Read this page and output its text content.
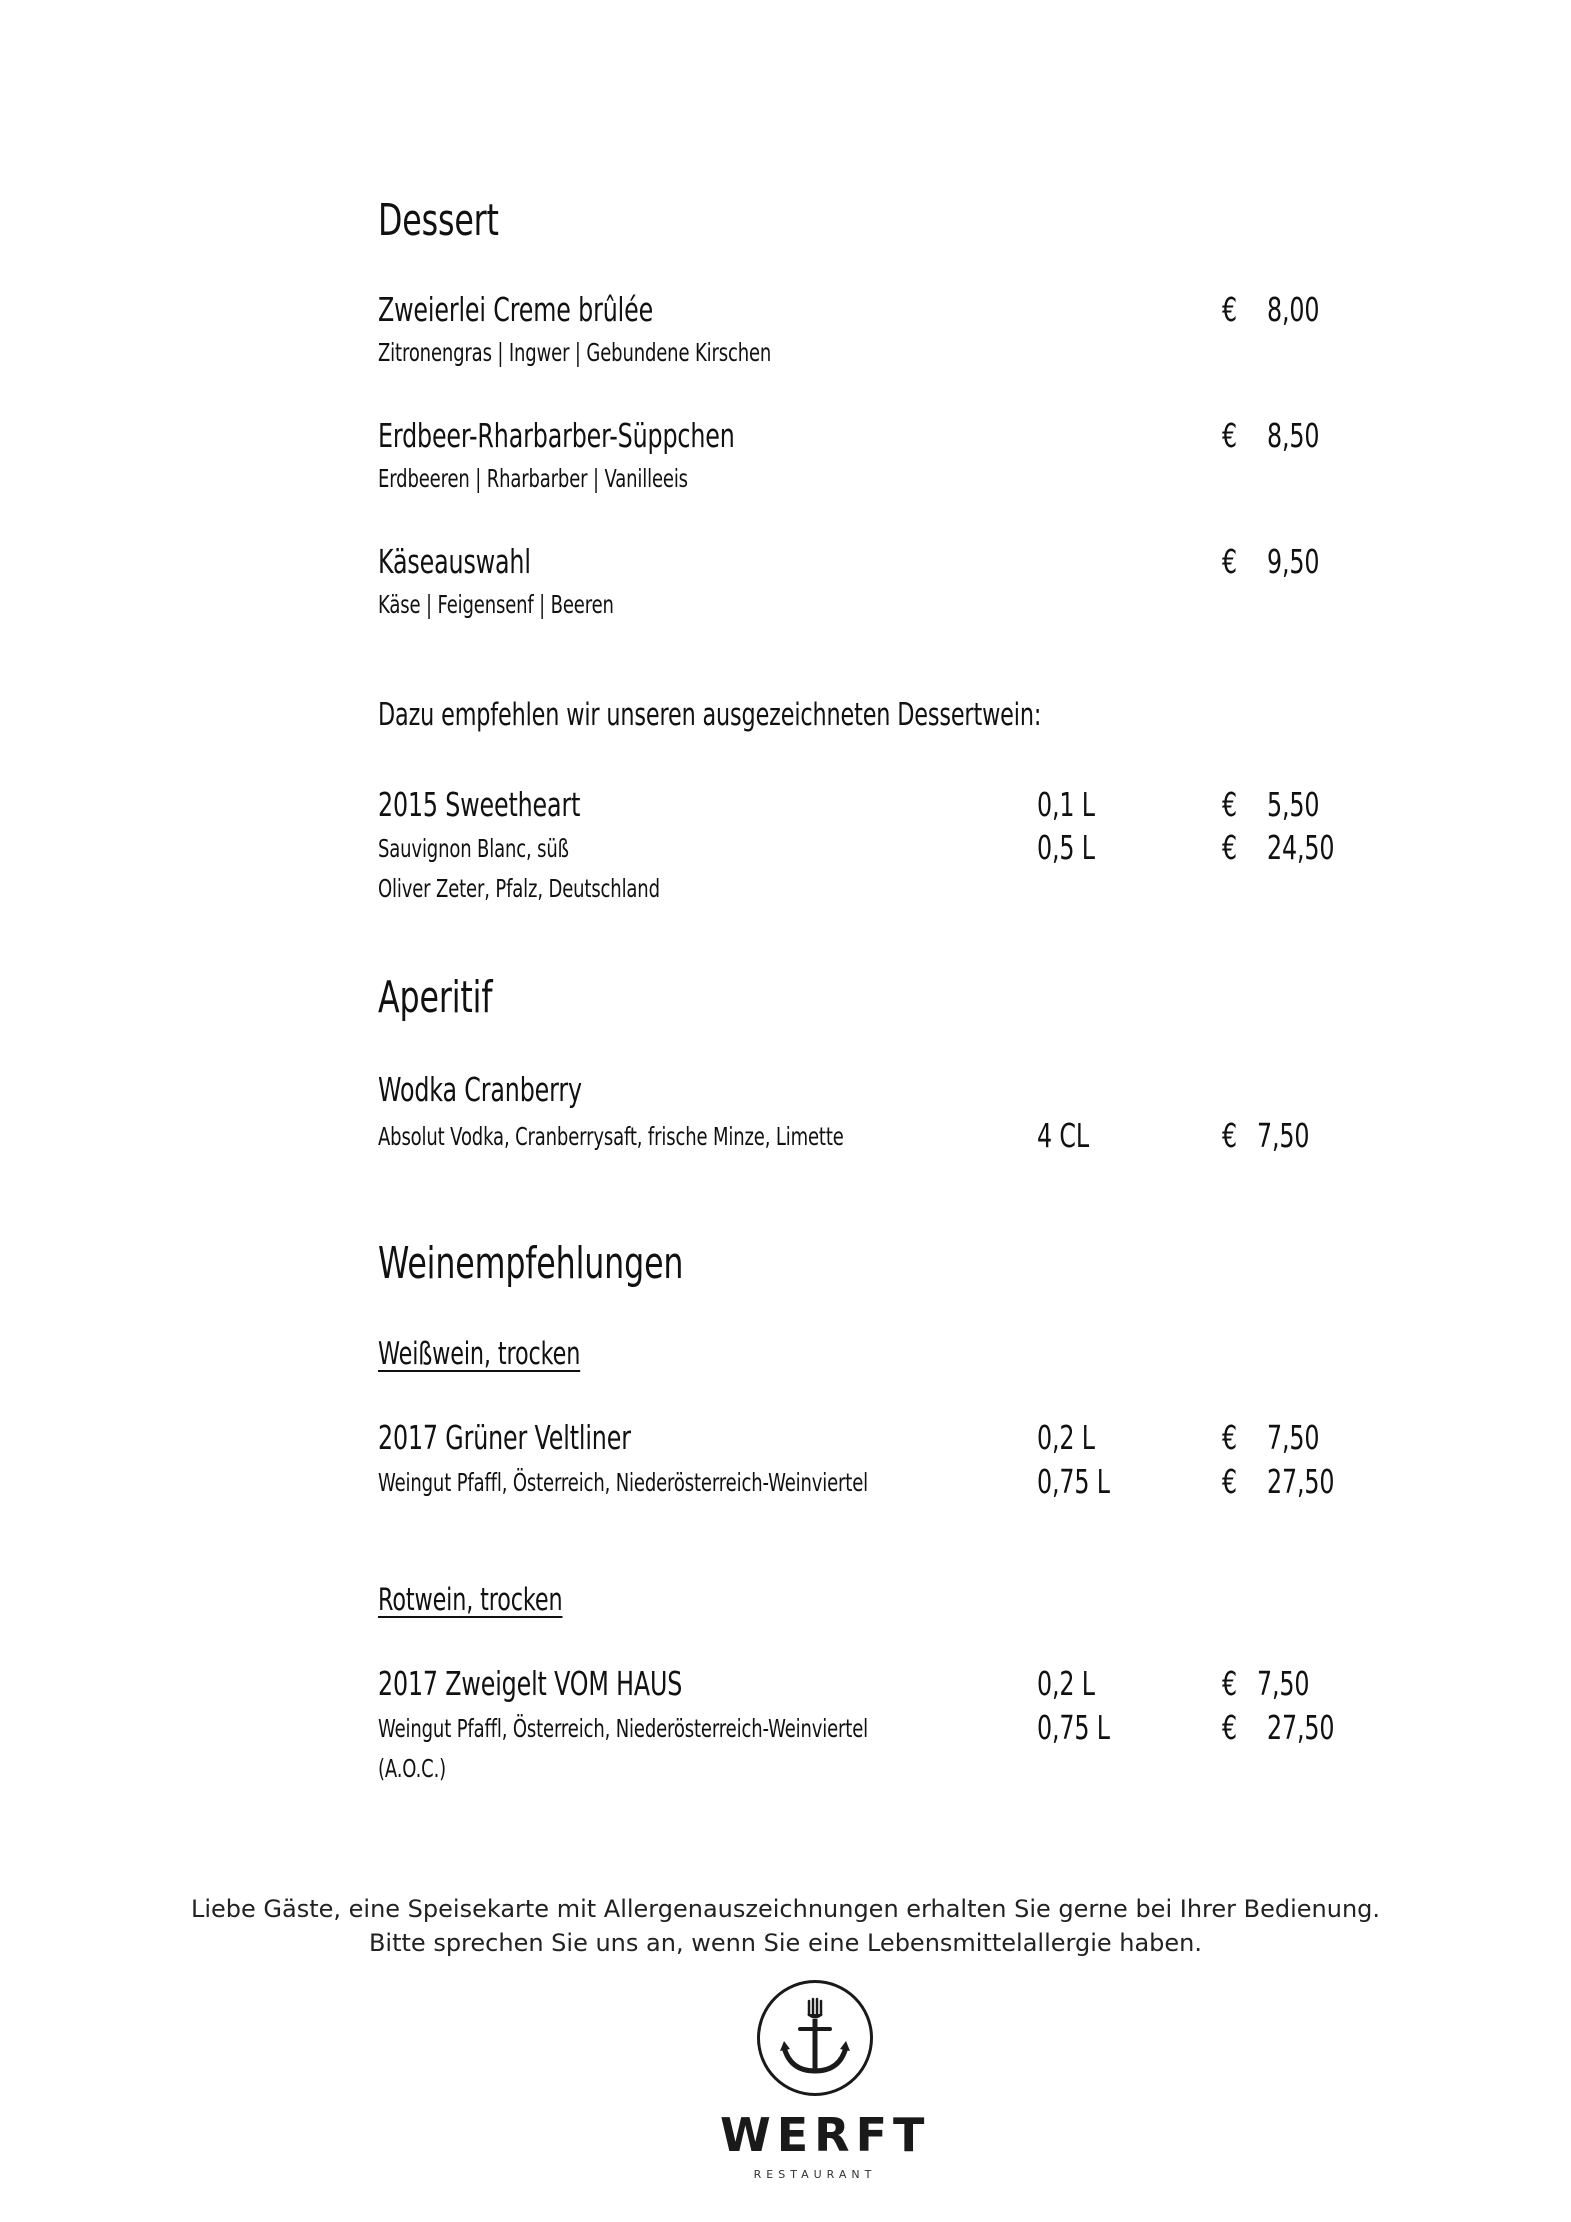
Dessert
Zweierlei Creme brûlée
Zitronengras | Ingwer | Gebundene Kirschen
€ 8,00
Erdbeer-Rharbarber-Süppchen
Erdbeeren | Rharbarber | Vanilleeis
€ 8,50
Käseauswahl
Käse | Feigensenf | Beeren
€ 9,50
Dazu empfehlen wir unseren ausgezeichneten Dessertwein:
2015 Sweetheart
Sauvignon Blanc, süß
Oliver Zeter, Pfalz, Deutschland
0,1 L	€ 5,50
0,5 L	€ 24,50
Aperitif
Wodka Cranberry
Absolut Vodka, Cranberrysaft, frische Minze, Limette	4 CL	€ 7,50
Weinempfehlungen
Weißwein, trocken
2017 Grüner Veltliner
Weingut Pfaffl, Österreich, Niederösterreich-Weinviertel
0,2 L	€ 7,50
0,75 L	€ 27,50
Rotwein, trocken
2017 Zweigelt VOM HAUS
Weingut Pfaffl, Österreich, Niederösterreich-Weinviertel
(A.O.C.)
0,2 L	€ 7,50
0,75 L	€ 27,50
Liebe Gäste, eine Speisekarte mit Allergenauszeichnungen erhalten Sie gerne bei Ihrer Bedienung.
Bitte sprechen Sie uns an, wenn Sie eine Lebensmittelallergie haben.
WERFT
RESTAURANT
